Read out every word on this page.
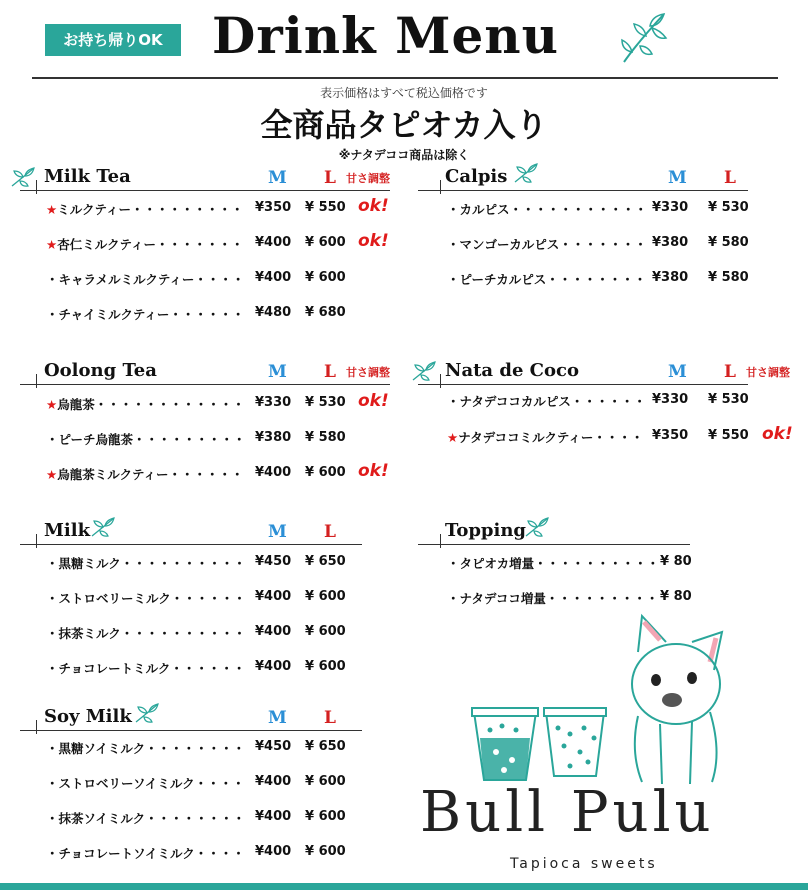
お持ち帰りOK Drink Menu
表示価格はすべて税込価格です
全商品タピオカ入り
※ナタデココ商品は除く
Milk Tea	M L 甘さ調整
★ミルクティー・・・・・・・・・ ¥350 ¥ 550 ok!
★杏仁ミルクティー・・・・・・・ ¥400 ¥ 600 ok!
・キャラメルミルクティー・・・・ ¥400 ¥ 600
・チャイミルクティー・・・・・・ ¥480 ¥ 680
Calpis	M L
・カルピス・・・・・・・・・・・ ¥330 ¥ 530
・マンゴーカルピス・・・・・・・ ¥380 ¥ 580
・ピーチカルピス・・・・・・・・ ¥380 ¥ 580
Oolong Tea	M L 甘さ調整
★烏龍茶・・・・・・・・・・・・ ¥330 ¥ 530 ok!
・ピーチ烏龍茶・・・・・・・・・ ¥380 ¥ 580
★烏龍茶ミルクティー・・・・・・ ¥400 ¥ 600 ok!
Nata de Coco	M L 甘さ調整
・ナタデココカルピス・・・・・・ ¥330 ¥ 530
★ナタデココミルクティー・・・・ ¥350 ¥ 550 ok!
Milk	M L
・黒糖ミルク・・・・・・・・・・ ¥450 ¥ 650
・ストロベリーミルク・・・・・・ ¥400 ¥ 600
・抹茶ミルク・・・・・・・・・・ ¥400 ¥ 600
・チョコレートミルク・・・・・・ ¥400 ¥ 600
Topping
・タピオカ増量・・・・・・・・・・ ¥ 80
・ナタデココ増量・・・・・・・・・ ¥ 80
Soy Milk	M L
・黒糖ソイミルク・・・・・・・・ ¥450 ¥ 650
・ストロベリーソイミルク・・・・ ¥400 ¥ 600
・抹茶ソイミルク・・・・・・・・ ¥400 ¥ 600
・チョコレートソイミルク・・・・ ¥400 ¥ 600
Bull Pulu
Tapioca sweets
